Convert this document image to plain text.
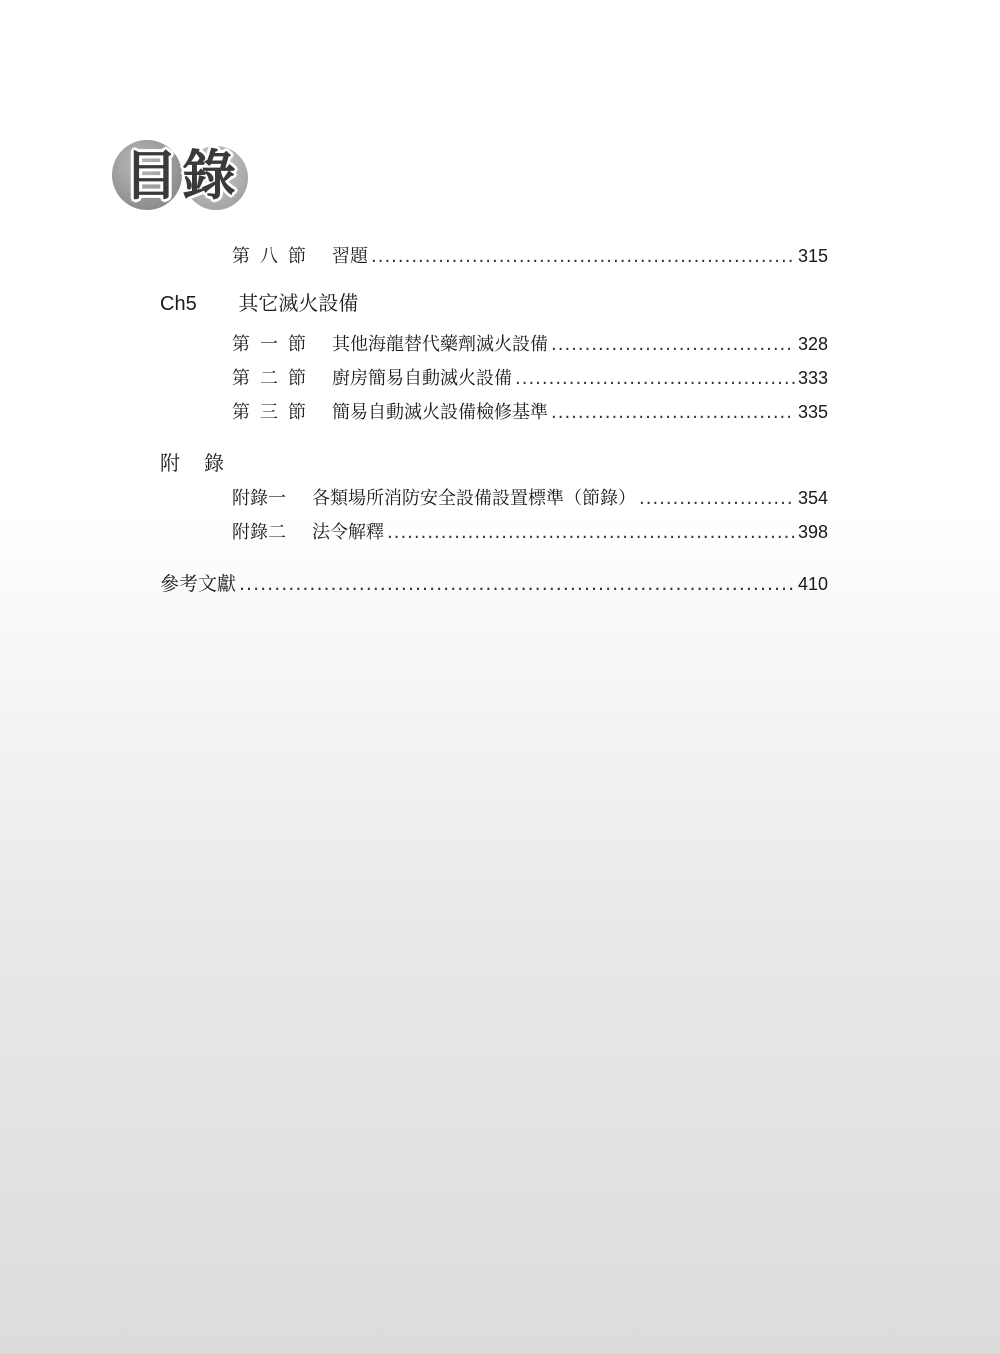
目錄
第八節 習題 .....	315
Ch5 其它滅火設備
第一節 其他海龍替代藥劑滅火設備 .....	328
第二節 廚房簡易自動滅火設備 .....	333
第三節 簡易自動滅火設備檢修基準 .....	335
附錄
附錄一	各類場所消防安全設備設置標準（節錄） .....	354
附錄二	法令解釋 .....	398
參考文獻 .....	410
